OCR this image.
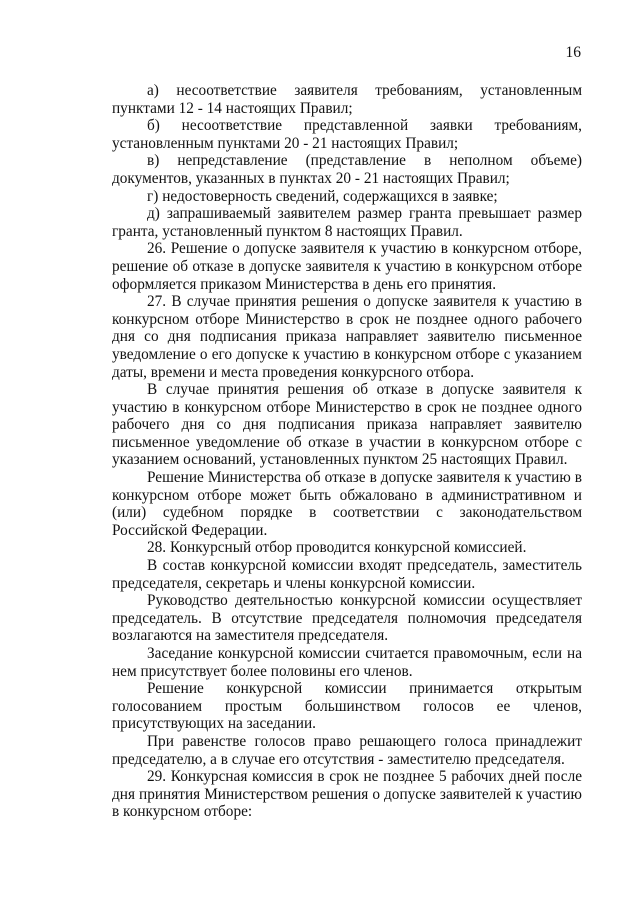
16

а) несоответствие заявителя требованиям, установленным пунктами 12 - 14 настоящих Правил;

б) несоответствие представленной заявки требованиям, установленным пунктами 20 - 21 настоящих Правил;

в) непредставление (представление в неполном объеме) документов, указанных в пунктах 20 - 21 настоящих Правил;

г) недостоверность сведений, содержащихся в заявке;

д) запрашиваемый заявителем размер гранта превышает размер гранта, установленный пунктом 8 настоящих Правил.

26. Решение о допуске заявителя к участию в конкурсном отборе, решение об отказе в допуске заявителя к участию в конкурсном отборе оформляется приказом Министерства в день его принятия.

27. В случае принятия решения о допуске заявителя к участию в конкурсном отборе Министерство в срок не позднее одного рабочего дня со дня подписания приказа направляет заявителю письменное уведомление о его допуске к участию в конкурсном отборе с указанием даты, времени и места проведения конкурсного отбора.

В случае принятия решения об отказе в допуске заявителя к участию в конкурсном отборе Министерство в срок не позднее одного рабочего дня со дня подписания приказа направляет заявителю письменное уведомление об отказе в участии в конкурсном отборе с указанием оснований, установленных пунктом 25 настоящих Правил.

Решение Министерства об отказе в допуске заявителя к участию в конкурсном отборе может быть обжаловано в административном и (или) судебном порядке в соответствии с законодательством Российской Федерации.

28. Конкурсный отбор проводится конкурсной комиссией.

В состав конкурсной комиссии входят председатель, заместитель председателя, секретарь и члены конкурсной комиссии.

Руководство деятельностью конкурсной комиссии осуществляет председатель. В отсутствие председателя полномочия председателя возлагаются на заместителя председателя.

Заседание конкурсной комиссии считается правомочным, если на нем присутствует более половины его членов.

Решение конкурсной комиссии принимается открытым голосованием простым большинством голосов ее членов, присутствующих на заседании.

При равенстве голосов право решающего голоса принадлежит председателю, а в случае его отсутствия - заместителю председателя.

29. Конкурсная комиссия в срок не позднее 5 рабочих дней после дня принятия Министерством решения о допуске заявителей к участию в конкурсном отборе:
